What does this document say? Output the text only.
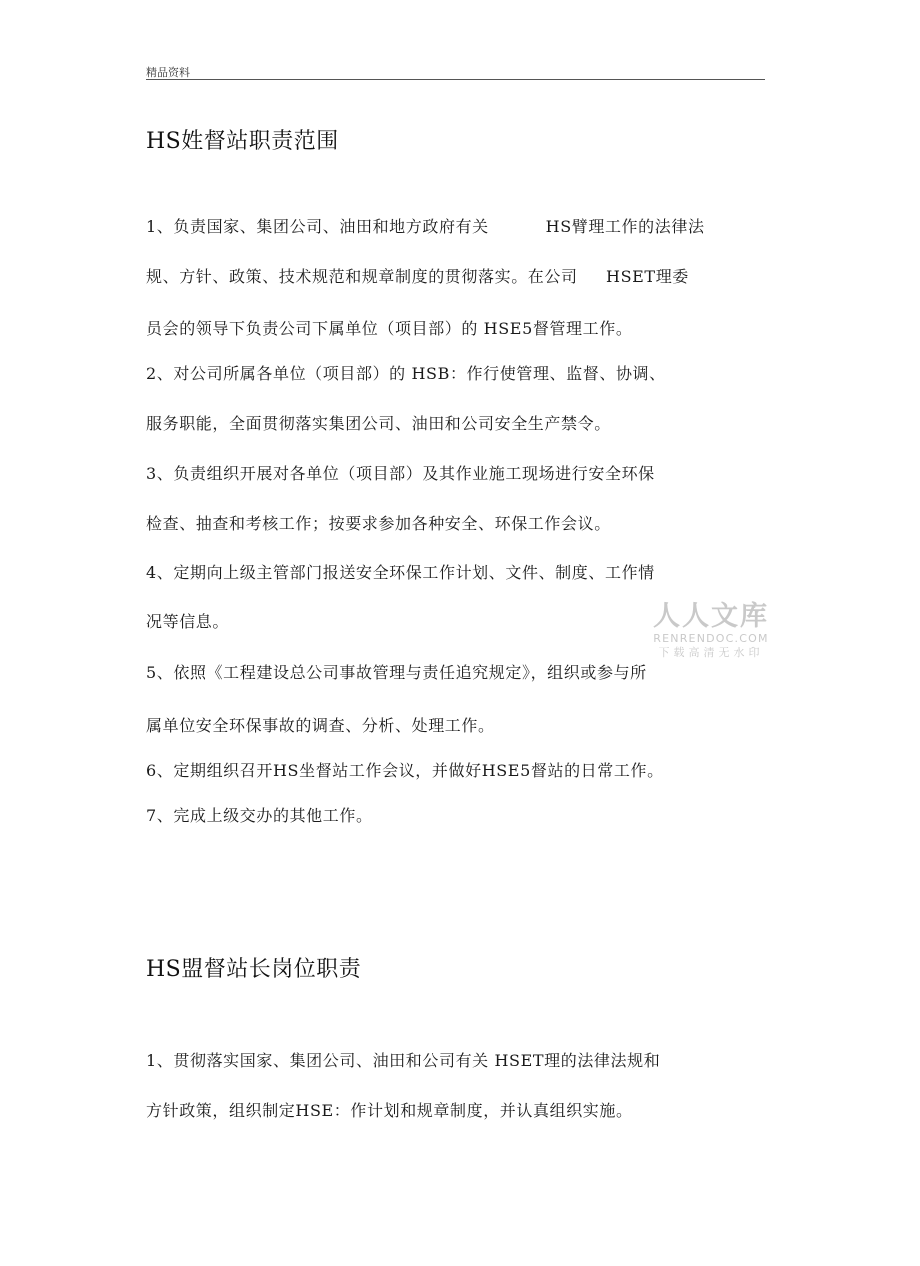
精品资料
HS姓督站职责范围
1、负责国家、集团公司、油田和地方政府有关          HS臂理工作的法律法
规、方针、政策、技术规范和规章制度的贯彻落实。在公司     HSET理委
员会的领导下负责公司下属单位（项目部）的 HSE5督管理工作。
2、对公司所属各单位（项目部）的 HSB：作行使管理、监督、协调、
服务职能，全面贯彻落实集团公司、油田和公司安全生产禁令。
3、负责组织开展对各单位（项目部）及其作业施工现场进行安全环保
检查、抽查和考核工作；按要求参加各种安全、环保工作会议。
4、定期向上级主管部门报送安全环保工作计划、文件、制度、工作情
况等信息。
5、依照《工程建设总公司事故管理与责任追究规定》，组织或参与所
属单位安全环保事故的调查、分析、处理工作。
6、定期组织召开HS坐督站工作会议，并做好HSE5督站的日常工作。
7、完成上级交办的其他工作。
HS盟督站长岗位职责
1、贯彻落实国家、集团公司、油田和公司有关 HSET理的法律法规和
方针政策，组织制定HSE：作计划和规章制度，并认真组织实施。
人人文库
RENRENDOC.COM
下载高清无水印
